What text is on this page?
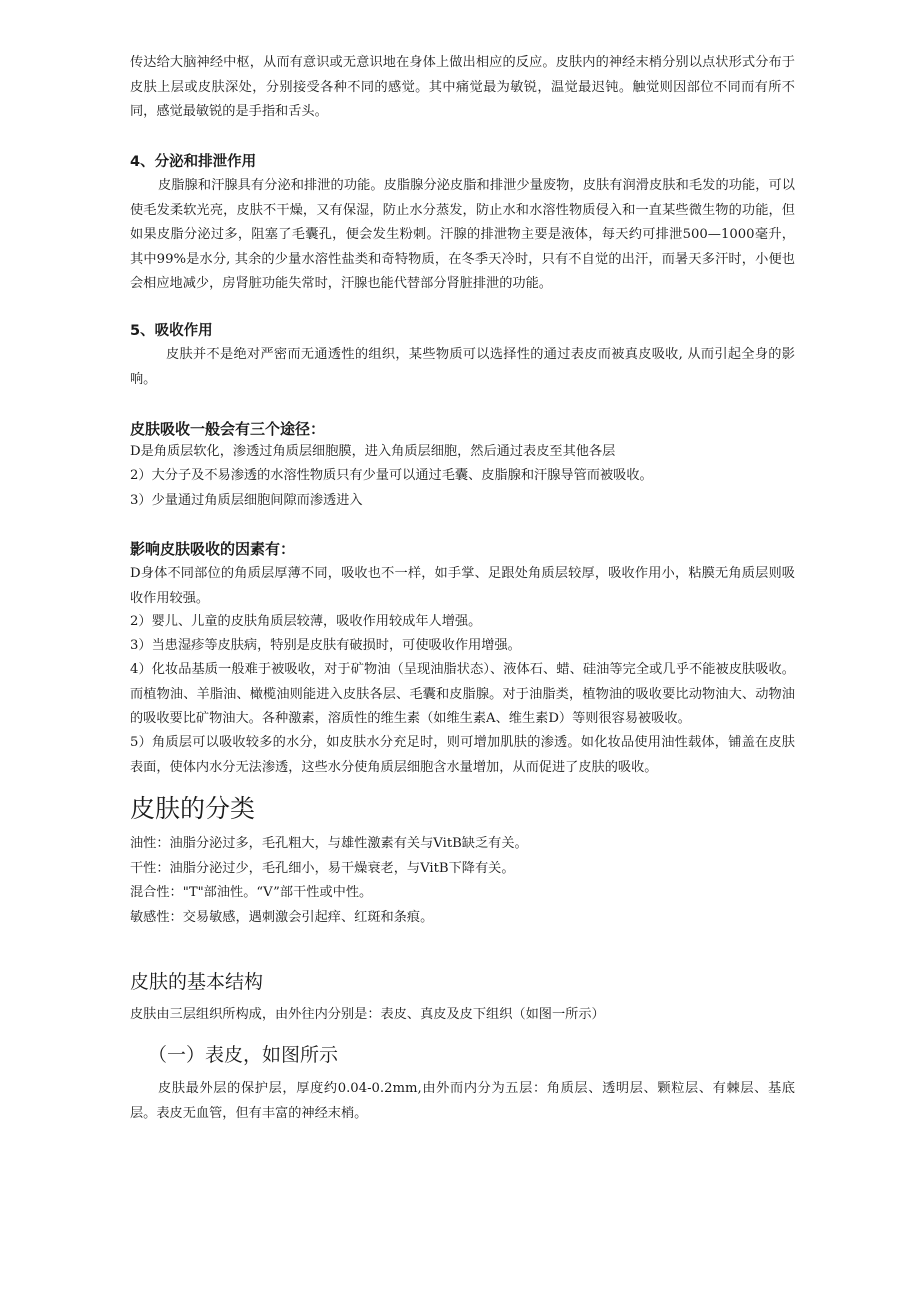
传达给大脑神经中枢，从而有意识或无意识地在身体上做出相应的反应。皮肤内的神经末梢分别以点状形式分布于皮肤上层或皮肤深处，分别接受各种不同的感觉。其中痛觉最为敏锐，温觉最迟钝。触觉则因部位不同而有所不同，感觉最敏锐的是手指和舌头。

4、分泌和排泄作用

皮脂腺和汗腺具有分泌和排泄的功能。皮脂腺分泌皮脂和排泄少量废物，皮肤有润滑皮肤和毛发的功能，可以使毛发柔软光亮，皮肤不干燥，又有保湿，防止水分蒸发，防止水和水溶性物质侵入和一直某些微生物的功能，但如果皮脂分泌过多，阻塞了毛囊孔，便会发生粉刺。汗腺的排泄物主要是液体，每天约可排泄500—1000毫升，其中99%是水分, 其余的少量水溶性盐类和奇特物质，在冬季天冷时，只有不自觉的出汗，而暑天多汗时，小便也会相应地减少，房肾脏功能失常时，汗腺也能代替部分肾脏排泄的功能。

5、吸收作用

皮肤并不是绝对严密而无通透性的组织，某些物质可以选择性的通过表皮而被真皮吸收, 从而引起全身的影响。

皮肤吸收一般会有三个途径：

D是角质层软化，渗透过角质层细胞膜，进入角质层细胞，然后通过表皮至其他各层

2）大分子及不易渗透的水溶性物质只有少量可以通过毛囊、皮脂腺和汗腺导管而被吸收。

3）少量通过角质层细胞间隙而渗透进入

影响皮肤吸收的因素有：

D身体不同部位的角质层厚薄不同，吸收也不一样，如手掌、足跟处角质层较厚，吸收作用小，粘膜无角质层则吸收作用较强。

2）婴儿、儿童的皮肤角质层较薄，吸收作用较成年人增强。

3）当患湿疹等皮肤病，特别是皮肤有破损时，可使吸收作用增强。

4）化妆品基质一般难于被吸收，对于矿物油（呈现油脂状态）、液体石、蜡、硅油等完全或几乎不能被皮肤吸收。而植物油、羊脂油、橄榄油则能进入皮肤各层、毛囊和皮脂腺。对于油脂类，植物油的吸收要比动物油大、动物油的吸收要比矿物油大。各种激素，溶质性的维生素（如维生素A、维生素D）等则很容易被吸收。

5）角质层可以吸收较多的水分，如皮肤水分充足时，则可增加肌肤的渗透。如化妆品使用油性载体，铺盖在皮肤表面，使体内水分无法渗透，这些水分使角质层细胞含水量增加，从而促进了皮肤的吸收。

皮肤的分类

油性：油脂分泌过多，毛孔粗大，与雄性激素有关与VitB缺乏有关。

干性：油脂分泌过少，毛孔细小，易干燥衰老，与VitB下降有关。

混合性："T"部油性。“V”部干性或中性。

敏感性：交易敏感，遇刺激会引起痒、红斑和条痕。

皮肤的基本结构

皮肤由三层组织所构成，由外往内分别是：表皮、真皮及皮下组织（如图一所示）

（一）表皮，如图所示

皮肤最外层的保护层，厚度约0.04-0.2mm,由外而内分为五层：角质层、透明层、颗粒层、有棘层、基底层。表皮无血管，但有丰富的神经末梢。
